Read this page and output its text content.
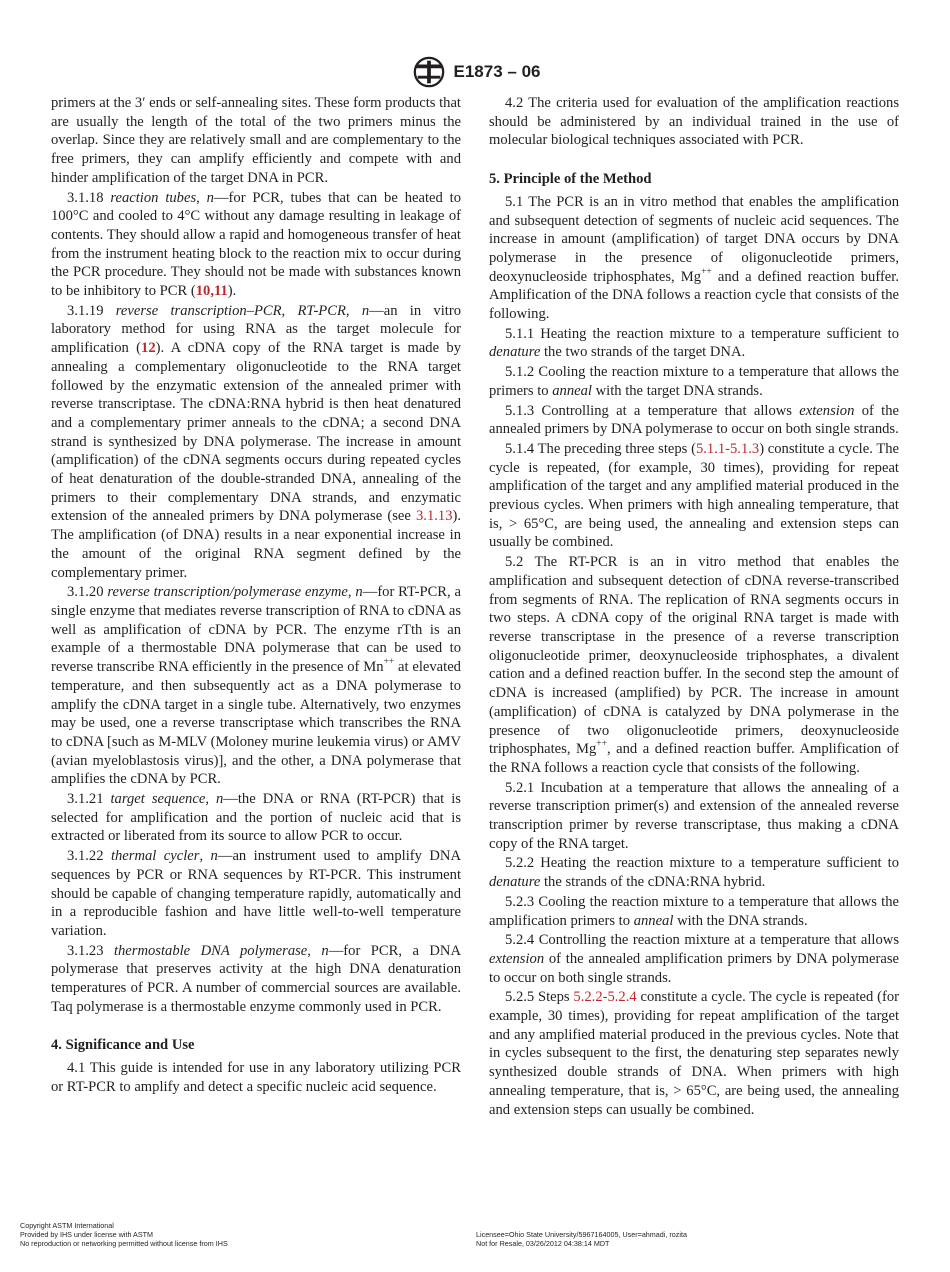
E1873 – 06

primers at the 3′ ends or self-annealing sites. These form products that are usually the length of the total of the two primers minus the overlap. Since they are relatively small and are complementary to the free primers, they can amplify efficiently and compete with and hinder amplification of the target DNA in PCR.

3.1.18 reaction tubes, n—for PCR, tubes that can be heated to 100°C and cooled to 4°C without any damage resulting in leakage of contents. They should allow a rapid and homogeneous transfer of heat from the instrument heating block to the reaction mix to occur during the PCR procedure. They should not be made with substances known to be inhibitory to PCR (10,11).

3.1.19 reverse transcription–PCR, RT-PCR, n—an in vitro laboratory method for using RNA as the target molecule for amplification (12). A cDNA copy of the RNA target is made by annealing a complementary oligonucleotide to the RNA target followed by the enzymatic extension of the annealed primer with reverse transcriptase. The cDNA:RNA hybrid is then heat denatured and a complementary primer anneals to the cDNA; a second DNA strand is synthesized by DNA polymerase. The increase in amount (amplification) of the cDNA segments occurs during repeated cycles of heat denaturation of the double-stranded DNA, annealing of the primers to their complementary DNA strands, and enzymatic extension of the annealed primers by DNA polymerase (see 3.1.13). The amplification (of DNA) results in a near exponential increase in the amount of the original RNA segment defined by the complementary primer.

3.1.20 reverse transcription/polymerase enzyme, n—for RT-PCR, a single enzyme that mediates reverse transcription of RNA to cDNA as well as amplification of cDNA by PCR. The enzyme rTth is an example of a thermostable DNA polymerase that can be used to reverse transcribe RNA efficiently in the presence of Mn++ at elevated temperature, and then subsequently act as a DNA polymerase to amplify the cDNA target in a single tube. Alternatively, two enzymes may be used, one a reverse transcriptase which transcribes the RNA to cDNA [such as M-MLV (Moloney murine leukemia virus) or AMV (avian myeloblastosis virus)], and the other, a DNA polymerase that amplifies the cDNA by PCR.

3.1.21 target sequence, n—the DNA or RNA (RT-PCR) that is selected for amplification and the portion of nucleic acid that is extracted or liberated from its source to allow PCR to occur.

3.1.22 thermal cycler, n—an instrument used to amplify DNA sequences by PCR or RNA sequences by RT-PCR. This instrument should be capable of changing temperature rapidly, automatically and in a reproducible fashion and have little well-to-well temperature variation.

3.1.23 thermostable DNA polymerase, n—for PCR, a DNA polymerase that preserves activity at the high DNA denaturation temperatures of PCR. A number of commercial sources are available. Taq polymerase is a thermostable enzyme commonly used in PCR.

4. Significance and Use

4.1 This guide is intended for use in any laboratory utilizing PCR or RT-PCR to amplify and detect a specific nucleic acid sequence.

4.2 The criteria used for evaluation of the amplification reactions should be administered by an individual trained in the use of molecular biological techniques associated with PCR.

5. Principle of the Method

5.1 The PCR is an in vitro method that enables the amplification and subsequent detection of segments of nucleic acid sequences. The increase in amount (amplification) of target DNA occurs by DNA polymerase in the presence of oligonucleotide primers, deoxynucleoside triphosphates, Mg++ and a defined reaction buffer. Amplification of the DNA follows a reaction cycle that consists of the following.

5.1.1 Heating the reaction mixture to a temperature sufficient to denature the two strands of the target DNA.

5.1.2 Cooling the reaction mixture to a temperature that allows the primers to anneal with the target DNA strands.

5.1.3 Controlling at a temperature that allows extension of the annealed primers by DNA polymerase to occur on both single strands.

5.1.4 The preceding three steps (5.1.1-5.1.3) constitute a cycle. The cycle is repeated, (for example, 30 times), providing for repeat amplification of the target and any amplified material produced in the previous cycles. When primers with high annealing temperature, that is, > 65°C, are being used, the annealing and extension steps can usually be combined.

5.2 The RT-PCR is an in vitro method that enables the amplification and subsequent detection of cDNA reverse-transcribed from segments of RNA. The replication of RNA segments occurs in two steps. A cDNA copy of the original RNA target is made with reverse transcriptase in the presence of a reverse transcription oligonucleotide primer, deoxynucleoside triphosphates, a divalent cation and a defined reaction buffer. In the second step the amount of cDNA is increased (amplified) by PCR. The increase in amount (amplification) of cDNA is catalyzed by DNA polymerase in the presence of two oligonucleotide primers, deoxynucleoside triphosphates, Mg++, and a defined reaction buffer. Amplification of the RNA follows a reaction cycle that consists of the following.

5.2.1 Incubation at a temperature that allows the annealing of a reverse transcription primer(s) and extension of the annealed reverse transcription primer by reverse transcriptase, thus making a cDNA copy of the RNA target.

5.2.2 Heating the reaction mixture to a temperature sufficient to denature the strands of the cDNA:RNA hybrid.

5.2.3 Cooling the reaction mixture to a temperature that allows the amplification primers to anneal with the DNA strands.

5.2.4 Controlling the reaction mixture at a temperature that allows extension of the annealed amplification primers by DNA polymerase to occur on both single strands.

5.2.5 Steps 5.2.2-5.2.4 constitute a cycle. The cycle is repeated (for example, 30 times), providing for repeat amplification of the target and any amplified material produced in the previous cycles. Note that in cycles subsequent to the first, the denaturing step separates newly synthesized double strands of DNA. When primers with high annealing temperature, that is, > 65°C, are being used, the annealing and extension steps can usually be combined.

Copyright ASTM International
Provided by IHS under license with ASTM
No reproduction or networking permitted without license from IHS
Licensee=Ohio State University/5967164005, User=ahmadi, rozita
Not for Resale, 03/26/2012 04:38:14 MDT
